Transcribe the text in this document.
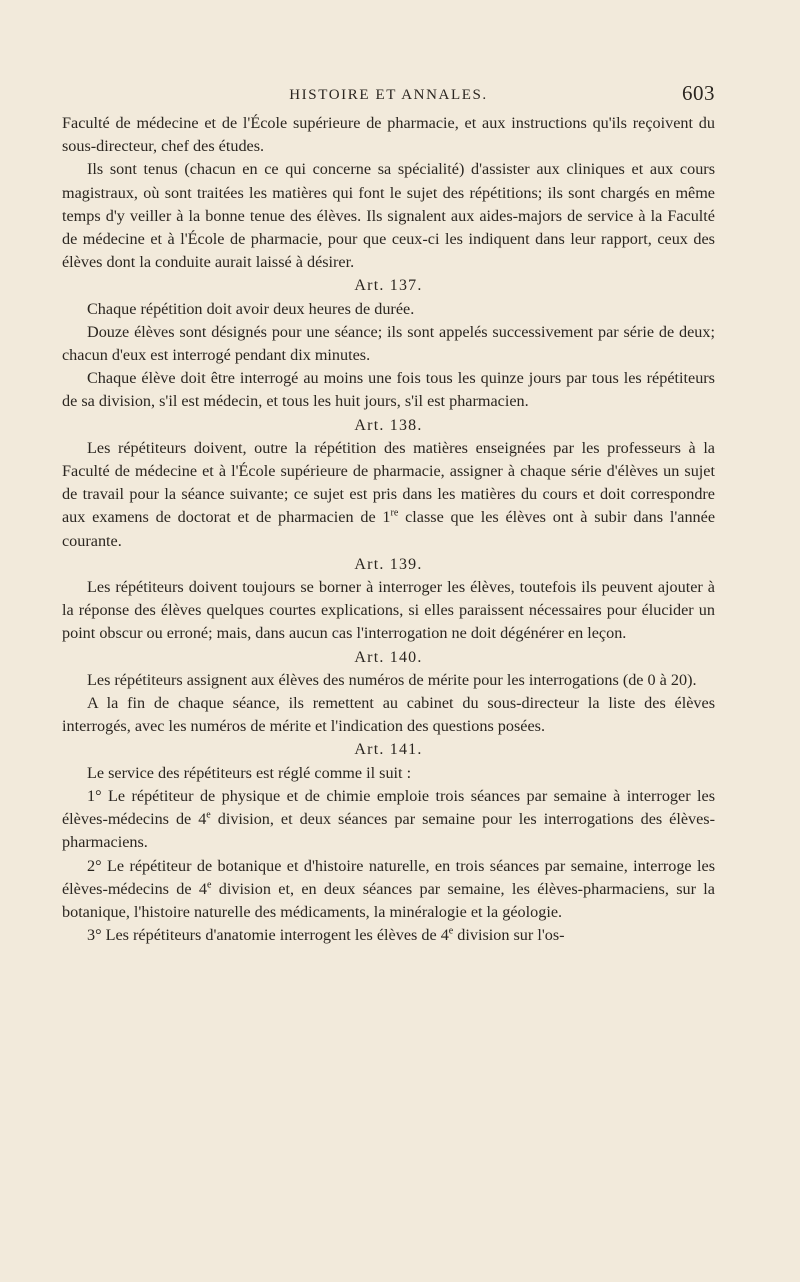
HISTOIRE ET ANNALES.	603

Faculté de médecine et de l'École supérieure de pharmacie, et aux instructions qu'ils reçoivent du sous-directeur, chef des études.

Ils sont tenus (chacun en ce qui concerne sa spécialité) d'assister aux cliniques et aux cours magistraux, où sont traitées les matières qui font le sujet des répétitions; ils sont chargés en même temps d'y veiller à la bonne tenue des élèves. Ils signalent aux aides-majors de service à la Faculté de médecine et à l'École de pharmacie, pour que ceux-ci les indiquent dans leur rapport, ceux des élèves dont la conduite aurait laissé à désirer.

Art. 137.

Chaque répétition doit avoir deux heures de durée.

Douze élèves sont désignés pour une séance; ils sont appelés successivement par série de deux; chacun d'eux est interrogé pendant dix minutes.

Chaque élève doit être interrogé au moins une fois tous les quinze jours par tous les répétiteurs de sa division, s'il est médecin, et tous les huit jours, s'il est pharmacien.

Art. 138.

Les répétiteurs doivent, outre la répétition des matières enseignées par les professeurs à la Faculté de médecine et à l'École supérieure de pharmacie, assigner à chaque série d'élèves un sujet de travail pour la séance suivante; ce sujet est pris dans les matières du cours et doit correspondre aux examens de doctorat et de pharmacien de 1re classe que les élèves ont à subir dans l'année courante.

Art. 139.

Les répétiteurs doivent toujours se borner à interroger les élèves, toutefois ils peuvent ajouter à la réponse des élèves quelques courtes explications, si elles paraissent nécessaires pour élucider un point obscur ou erroné; mais, dans aucun cas l'interrogation ne doit dégénérer en leçon.

Art. 140.

Les répétiteurs assignent aux élèves des numéros de mérite pour les interrogations (de 0 à 20).

A la fin de chaque séance, ils remettent au cabinet du sous-directeur la liste des élèves interrogés, avec les numéros de mérite et l'indication des questions posées.

Art. 141.

Le service des répétiteurs est réglé comme il suit :

1° Le répétiteur de physique et de chimie emploie trois séances par semaine à interroger les élèves-médecins de 4e division, et deux séances par semaine pour les interrogations des élèves-pharmaciens.

2° Le répétiteur de botanique et d'histoire naturelle, en trois séances par semaine, interroge les élèves-médecins de 4e division et, en deux séances par semaine, les élèves-pharmaciens, sur la botanique, l'histoire naturelle des médicaments, la minéralogie et la géologie.

3° Les répétiteurs d'anatomie interrogent les élèves de 4e division sur l'os-
